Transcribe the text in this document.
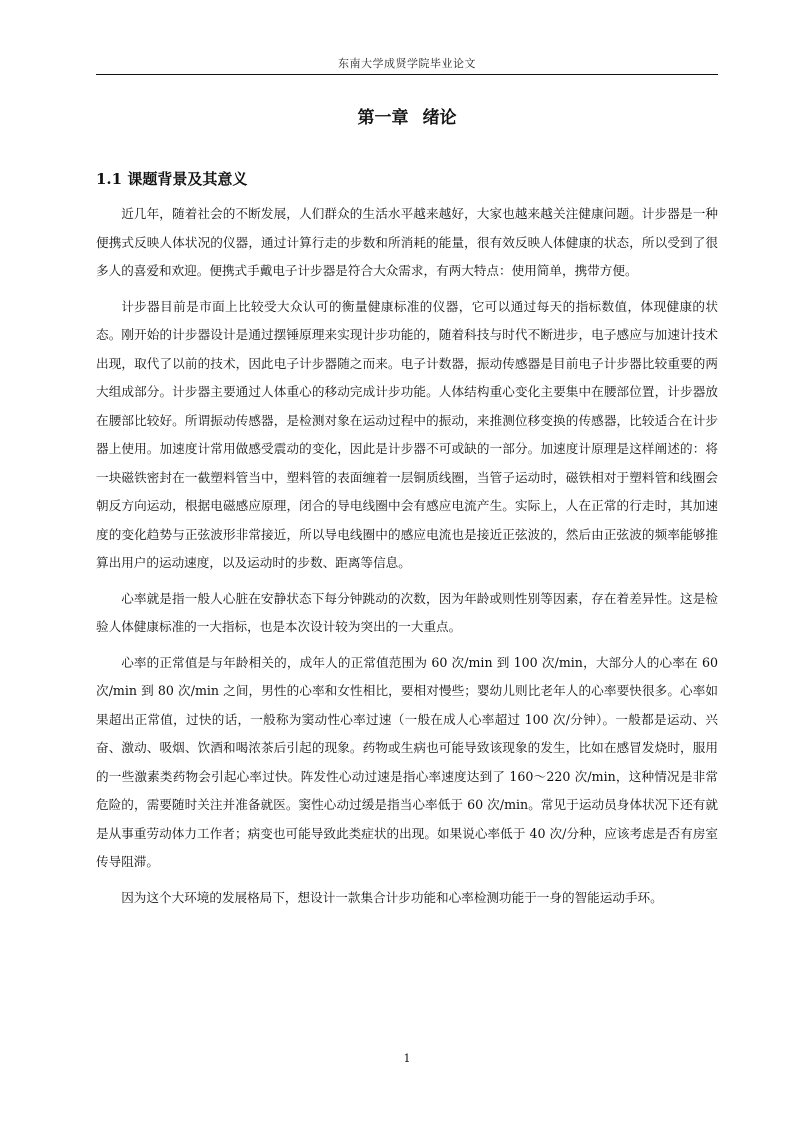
东南大学成贤学院毕业论文
第一章 绪论
1.1 课题背景及其意义

近几年，随着社会的不断发展，人们群众的生活水平越来越好，大家也越来越关注健康问题。计步器是一种便携式反映人体状况的仪器，通过计算行走的步数和所消耗的能量，很有效反映人体健康的状态，所以受到了很多人的喜爱和欢迎。便携式手戴电子计步器是符合大众需求，有两大特点：使用简单，携带方便。

计步器目前是市面上比较受大众认可的衡量健康标准的仪器，它可以通过每天的指标数值，体现健康的状态。刚开始的计步器设计是通过摆锤原理来实现计步功能的，随着科技与时代不断进步，电子感应与加速计技术出现，取代了以前的技术，因此电子计步器随之而来。电子计数器，振动传感器是目前电子计步器比较重要的两大组成部分。计步器主要通过人体重心的移动完成计步功能。人体结构重心变化主要集中在腰部位置，计步器放在腰部比较好。所谓振动传感器，是检测对象在运动过程中的振动，来推测位移变换的传感器，比较适合在计步器上使用。加速度计常用做感受震动的变化，因此是计步器不可或缺的一部分。加速度计原理是这样阐述的：将一块磁铁密封在一截塑料管当中，塑料管的表面缠着一层铜质线圈，当管子运动时，磁铁相对于塑料管和线圈会朝反方向运动，根据电磁感应原理，闭合的导电线圈中会有感应电流产生。实际上，人在正常的行走时，其加速度的变化趋势与正弦波形非常接近，所以导电线圈中的感应电流也是接近正弦波的，然后由正弦波的频率能够推算出用户的运动速度，以及运动时的步数、距离等信息。

心率就是指一般人心脏在安静状态下每分钟跳动的次数，因为年龄或则性别等因素，存在着差异性。这是检验人体健康标准的一大指标，也是本次设计较为突出的一大重点。

心率的正常值是与年龄相关的，成年人的正常值范围为 60 次/min 到 100 次/min，大部分人的心率在 60 次/min 到 80 次/min 之间，男性的心率和女性相比，要相对慢些；婴幼儿则比老年人的心率要快很多。心率如果超出正常值，过快的话，一般称为窦动性心率过速（一般在成人心率超过 100 次/分钟）。一般都是运动、兴奋、激动、吸烟、饮酒和喝浓茶后引起的现象。药物或生病也可能导致该现象的发生，比如在感冒发烧时，服用的一些激素类药物会引起心率过快。阵发性心动过速是指心率速度达到了 160～220 次/min，这种情况是非常危险的，需要随时关注并准备就医。窦性心动过缓是指当心率低于 60 次/min。常见于运动员身体状况下还有就是从事重劳动体力工作者；病变也可能导致此类症状的出现。如果说心率低于 40 次/分种，应该考虑是否有房室传导阻滞。

因为这个大环境的发展格局下，想设计一款集合计步功能和心率检测功能于一身的智能运动手环。

1
